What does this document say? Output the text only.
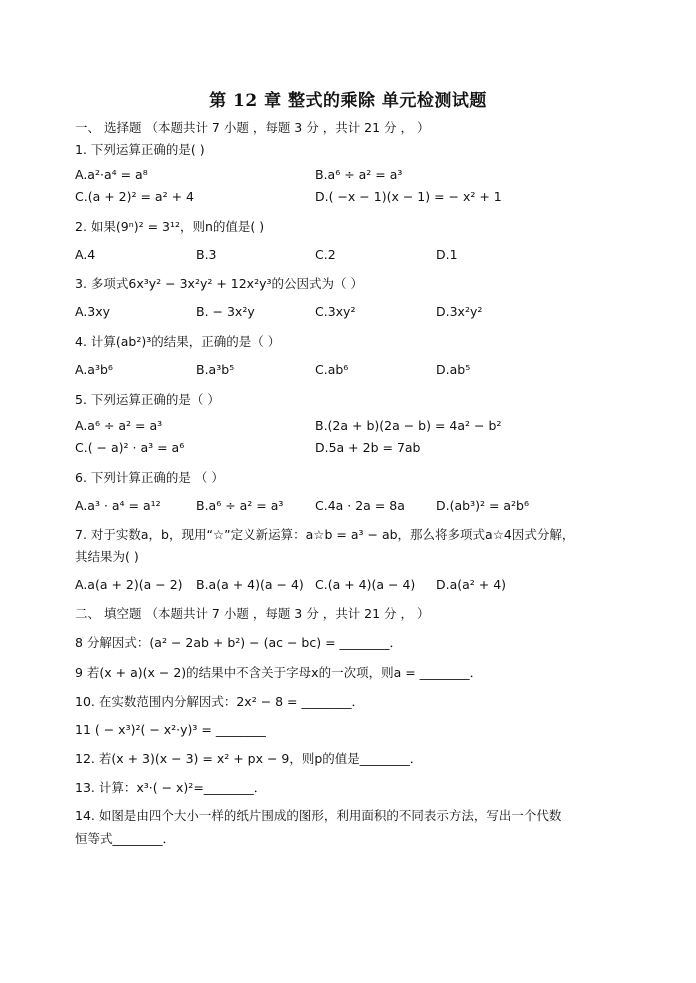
第 12 章 整式的乘除 单元检测试题
一、 选择题 （本题共计 7 小题 ，每题 3 分 ，共计 21 分 ， ）
1. 下列运算正确的是( )
A.a²·a⁴ = a⁸	B.a⁶ ÷ a² = a³
C.(a + 2)² = a² + 4	D.( −x − 1)(x − 1) = − x² + 1
2. 如果(9ⁿ)² = 3¹²，则n的值是( )
A.4	B.3	C.2	D.1
3. 多项式6x³y² − 3x²y² + 12x²y³的公因式为（ ）
A.3xy	B. − 3x²y	C.3xy²	D.3x²y²
4. 计算(ab²)³的结果，正确的是（ ）
A.a³b⁶	B.a³b⁵	C.ab⁶	D.ab⁵
5. 下列运算正确的是（ ）
A.a⁶ ÷ a² = a³	B.(2a + b)(2a − b) = 4a² − b²
C.( − a)² · a³ = a⁶	D.5a + 2b = 7ab
6. 下列计算正确的是 （ ）
A.a³ · a⁴ = a¹²	B.a⁶ ÷ a² = a³	C.4a · 2a = 8a D.(ab³)² = a²b⁶
7. 对于实数a，b，现用“☆”定义新运算：a☆b = a³ − ab，那么将多项式a☆4因式分解，
其结果为( )
A.a(a + 2)(a − 2) B.a(a + 4)(a − 4) C.(a + 4)(a − 4) D.a(a² + 4)
二、 填空题 （本题共计 7 小题 ，每题 3 分 ，共计 21 分 ， ）
8 分解因式：(a² − 2ab + b²) − (ac − bc) = ________．
9 若(x + a)(x − 2)的结果中不含关于字母x的一次项，则a = ________．
10. 在实数范围内分解因式：2x² − 8 = ________．
11 ( − x³)²( − x²·y)³ = ________
12. 若(x + 3)(x − 3) = x² + px − 9，则p的值是________．
13. 计算：x³·( − x)²=________．
14. 如图是由四个大小一样的纸片围成的图形，利用面积的不同表示方法，写出一个代数
恒等式________．
